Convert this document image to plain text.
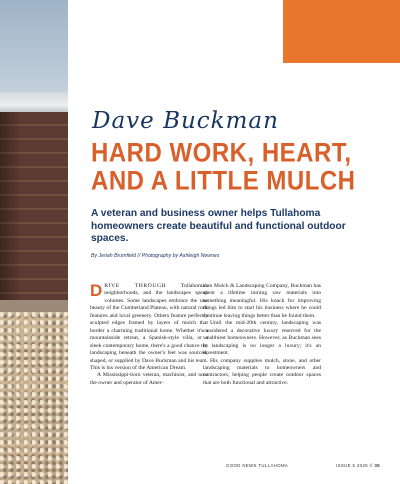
Dave Buckman
HARD WORK, HEART,
AND A LITTLE MULCH
A veteran and business owner helps Tullahoma homeowners create beautiful and functional outdoor spaces.
By Jeriah Brumfield // Photography by Ashleigh Newnes

DRIVE THROUGH Tullahoma's neighborhoods, and the landscapes speak volumes. Some landscapes embrace the raw beauty of the Cumberland Plateau, with natural rock features and local greenery. Others feature perfectly sculpted edges framed by layers of mulch that border a charming traditional home. Whether it's a mountainside retreat, a Spanish-style villa, or a sleek contemporary home, there's a good chance the landscaping beneath the owner's feet was sourced, shaped, or supplied by Dave Buckman and his team. This is his version of the American Dream.

A Mississippi-born veteran, machinist, and now the owner and operator of Amer-

ican Mulch & Landscaping Company, Buckman has spent a lifetime turning raw materials into something meaningful. His knack for improving things led him to start his business where he could continue leaving things better than he found them.

Until the mid-20th century, landscaping was considered a decorative luxury reserved for the wealthiest homeowners. However, as Buckman sees it, landscaping is no longer a luxury; it's an investment.

His company supplies mulch, stone, and other landscaping materials to homeowners and contractors, helping people create outdoor spaces that are both functional and attractive.

GOOD NEWS TULLAHOMA	ISSUE 5 2025 // 35
